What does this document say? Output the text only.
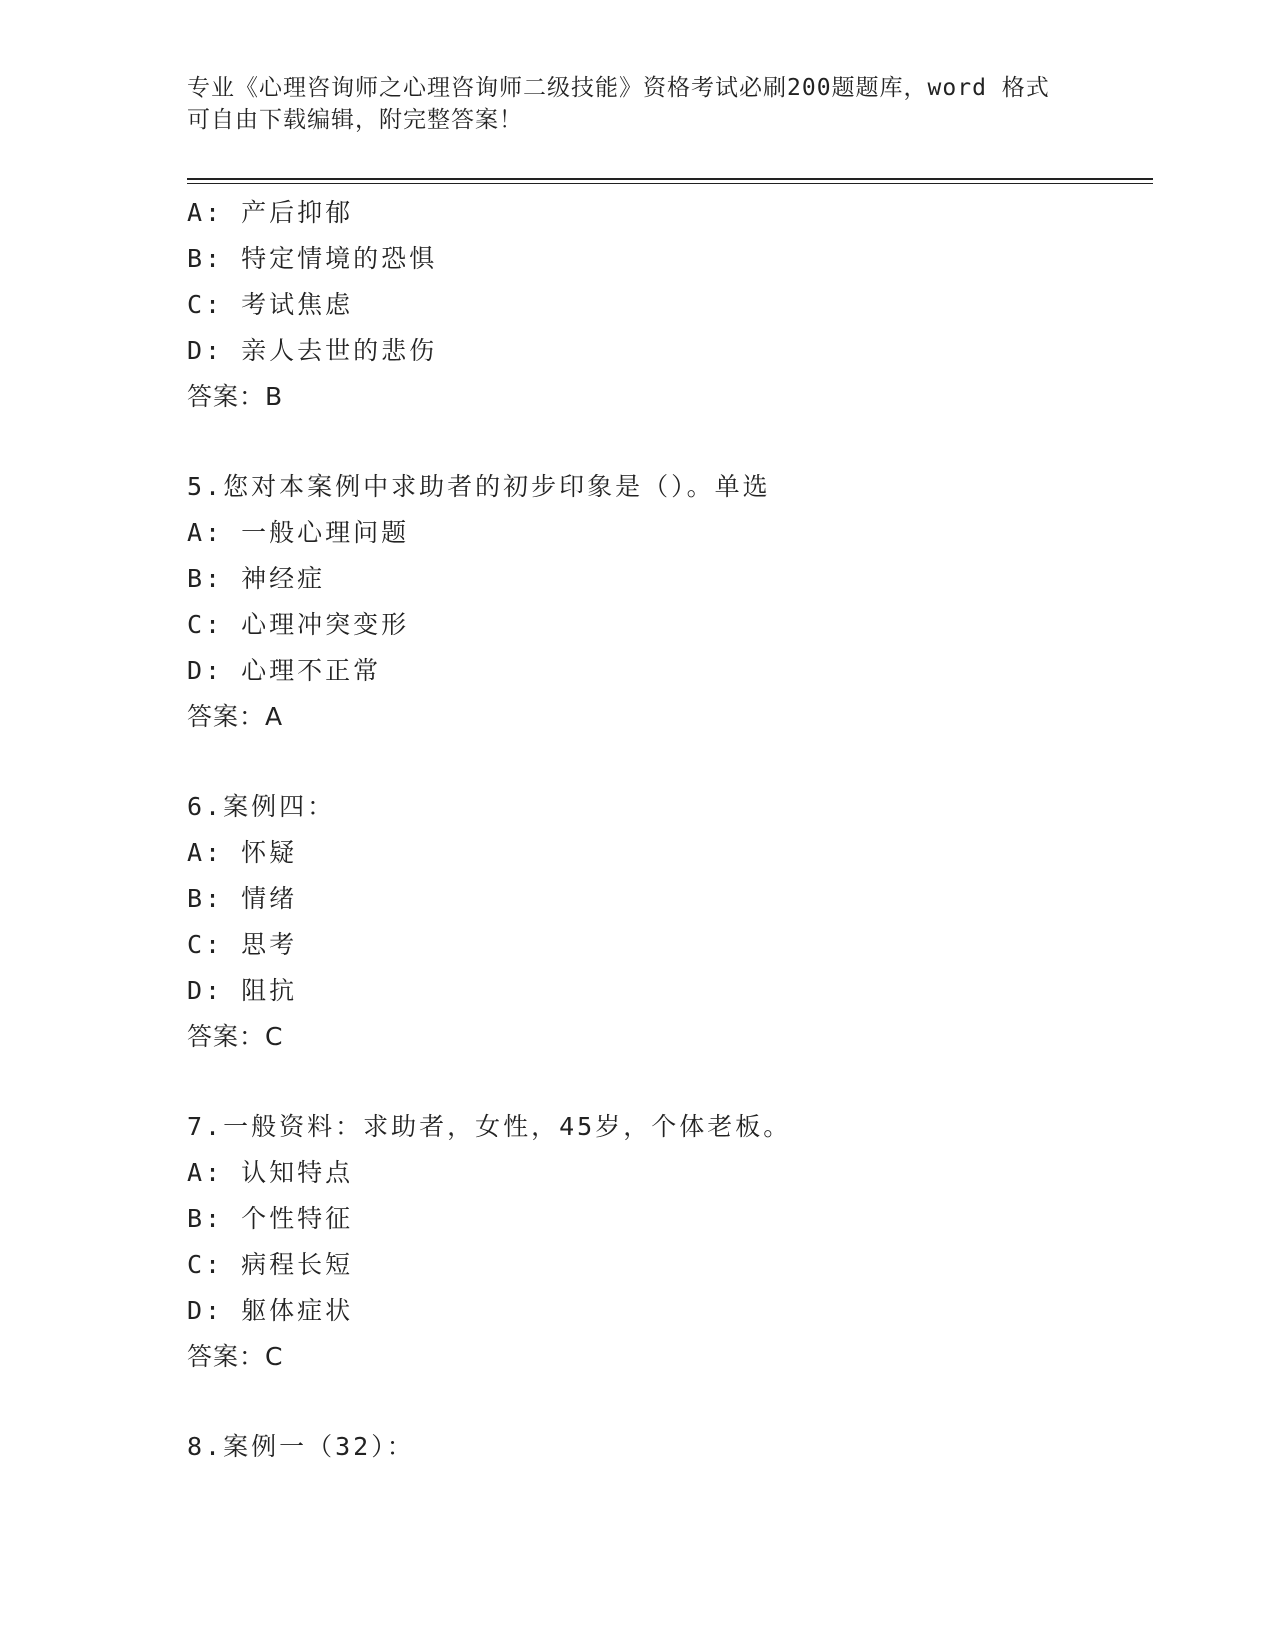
专业《心理咨询师之心理咨询师二级技能》资格考试必刷200题题库，word 格式
可自由下载编辑，附完整答案！
A: 产后抑郁
B: 特定情境的恐惧
C: 考试焦虑
D: 亲人去世的悲伤
答案：B
5.您对本案例中求助者的初步印象是（）。单选
A: 一般心理问题
B: 神经症
C: 心理冲突变形
D: 心理不正常
答案：A
6.案例四：
A: 怀疑
B: 情绪
C: 思考
D: 阻抗
答案：C
7.一般资料：求助者，女性，45岁，个体老板。
A: 认知特点
B: 个性特征
C: 病程长短
D: 躯体症状
答案：C
8.案例一（32）：
